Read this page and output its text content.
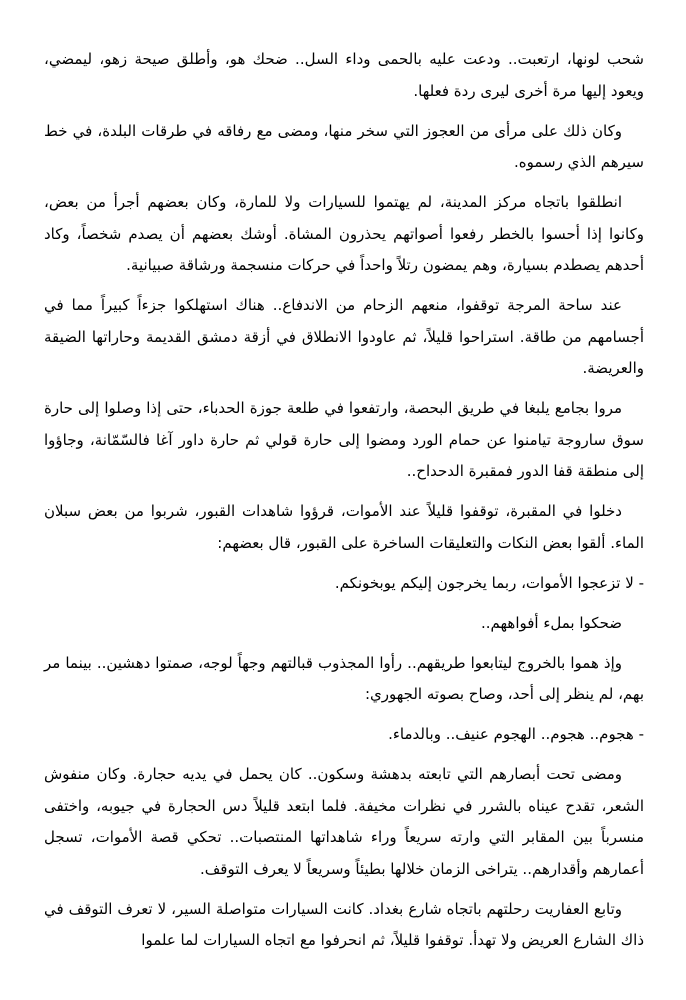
شحب لونها، ارتعبت.. ودعت عليه بالحمى وداء السل.. ضحك هو، وأطلق صيحة زهو، ليمضي، ويعود إليها مرة أخرى ليرى ردة فعلها.

وكان ذلك على مرأى من العجوز التي سخر منها، ومضى مع رفاقه في طرقات البلدة، في خط سيرهم الذي رسموه.

انطلقوا باتجاه مركز المدينة، لم يهتموا للسيارات ولا للمارة، وكان بعضهم أجرأ من بعض، وكانوا إذا أحسوا بالخطر رفعوا أصواتهم يحذرون المشاة. أوشك بعضهم أن يصدم شخصاً، وكاد أحدهم يصطدم بسيارة، وهم يمضون رتلاً واحداً في حركات منسجمة ورشاقة صبيانية.

عند ساحة المرجة توقفوا، منعهم الزحام من الاندفاع.. هناك استهلكوا جزءاً كبيراً مما في أجسامهم من طاقة. استراحوا قليلاً، ثم عاودوا الانطلاق في أزقة دمشق القديمة وحاراتها الضيقة والعريضة.

مروا بجامع يلبغا في طريق البحصة، وارتفعوا في طلعة جوزة الحدباء، حتى إذا وصلوا إلى حارة سوق ساروجة تيامنوا عن حمام الورد ومضوا إلى حارة قولي ثم حارة داور آغا فالسّمّانة، وجاؤوا إلى منطقة قفا الدور فمقبرة الدحداح..

دخلوا في المقبرة، توقفوا قليلاً عند الأموات، قرؤوا شاهدات القبور، شربوا من بعض سبلان الماء. ألقوا بعض النكات والتعليقات الساخرة على القبور، قال بعضهم:

- لا تزعجوا الأموات، ربما يخرجون إليكم يوبخونكم.

ضحكوا بملء أفواههم..

وإذ هموا بالخروج ليتابعوا طريقهم.. رأوا المجذوب قبالتهم وجهاً لوجه، صمتوا دهشين.. بينما مر بهم، لم ينظر إلى أحد، وصاح بصوته الجهوري:

- هجوم.. هجوم.. الهجوم عنيف.. وبالدماء.

ومضى تحت أبصارهم التي تابعته بدهشة وسكون.. كان يحمل في يديه حجارة. وكان منفوش الشعر، تقدح عيناه بالشرر في نظرات مخيفة. فلما ابتعد قليلاً دس الحجارة في جيوبه، واختفى منسرباً بين المقابر التي وارته سريعاً وراء شاهداتها المنتصبات.. تحكي قصة الأموات، تسجل أعمارهم وأقدارهم.. يتراخى الزمان خلالها بطيئاً وسريعاً لا يعرف التوقف.

وتابع العفاريت رحلتهم باتجاه شارع بغداد. كانت السيارات متواصلة السير، لا تعرف التوقف في ذاك الشارع العريض ولا تهدأ. توقفوا قليلاً، ثم انحرفوا مع اتجاه السيارات لما علموا
